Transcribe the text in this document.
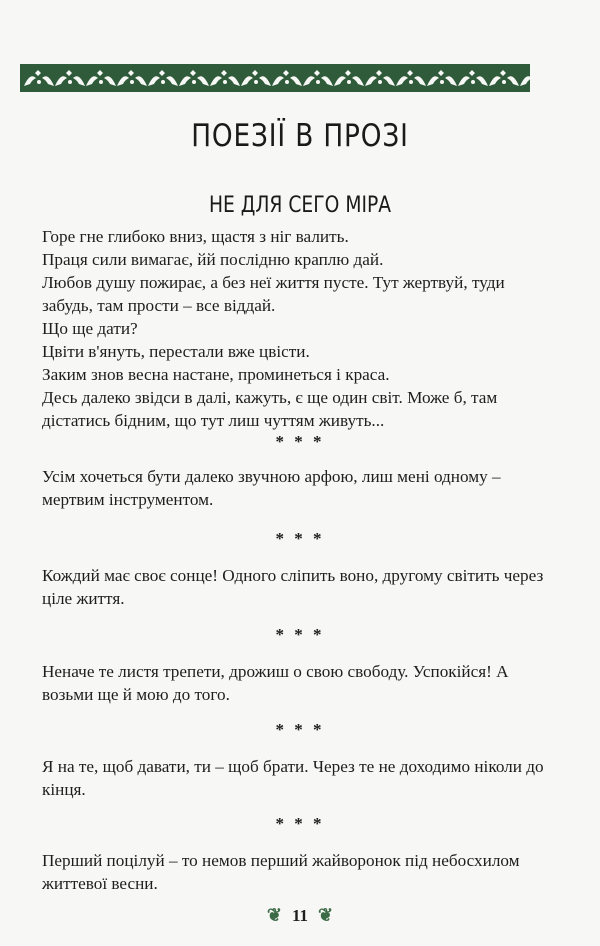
ПОЕЗІЇ В ПРОЗІ
НЕ ДЛЯ СЕГО МІРА
Горе гне глибоко вниз, щастя з ніг валить.
Праця сили вимагає, йй послідню краплю дай.
Любов душу пожирає, а без неї життя пусте. Тут жертвуй, туди забудь, там прости – все віддай.
Що ще дати?
Цвіти в'януть, перестали вже цвісти.
Заким знов весна настане, проминеться і краса.
Десь далеко звідси в далі, кажуть, є ще один світ. Може б, там дістатись бідним, що тут лиш чуттям живуть...
* * *
Усім хочеться бути далеко звучною арфою, лиш мені одному – мертвим інструментом.
* * *
Кождий має своє сонце! Одного сліпить воно, другому світить через ціле життя.
* * *
Неначе те листя трепети, дрожиш о свою свободу. Успокійся! А возьми ще й мою до того.
* * *
Я на те, щоб давати, ти – щоб брати. Через те не доходимо ніколи до кінця.
* * *
Перший поцілуй – то немов перший жайворонок під небосхилом життевої весни.
❦ 11 ❦
